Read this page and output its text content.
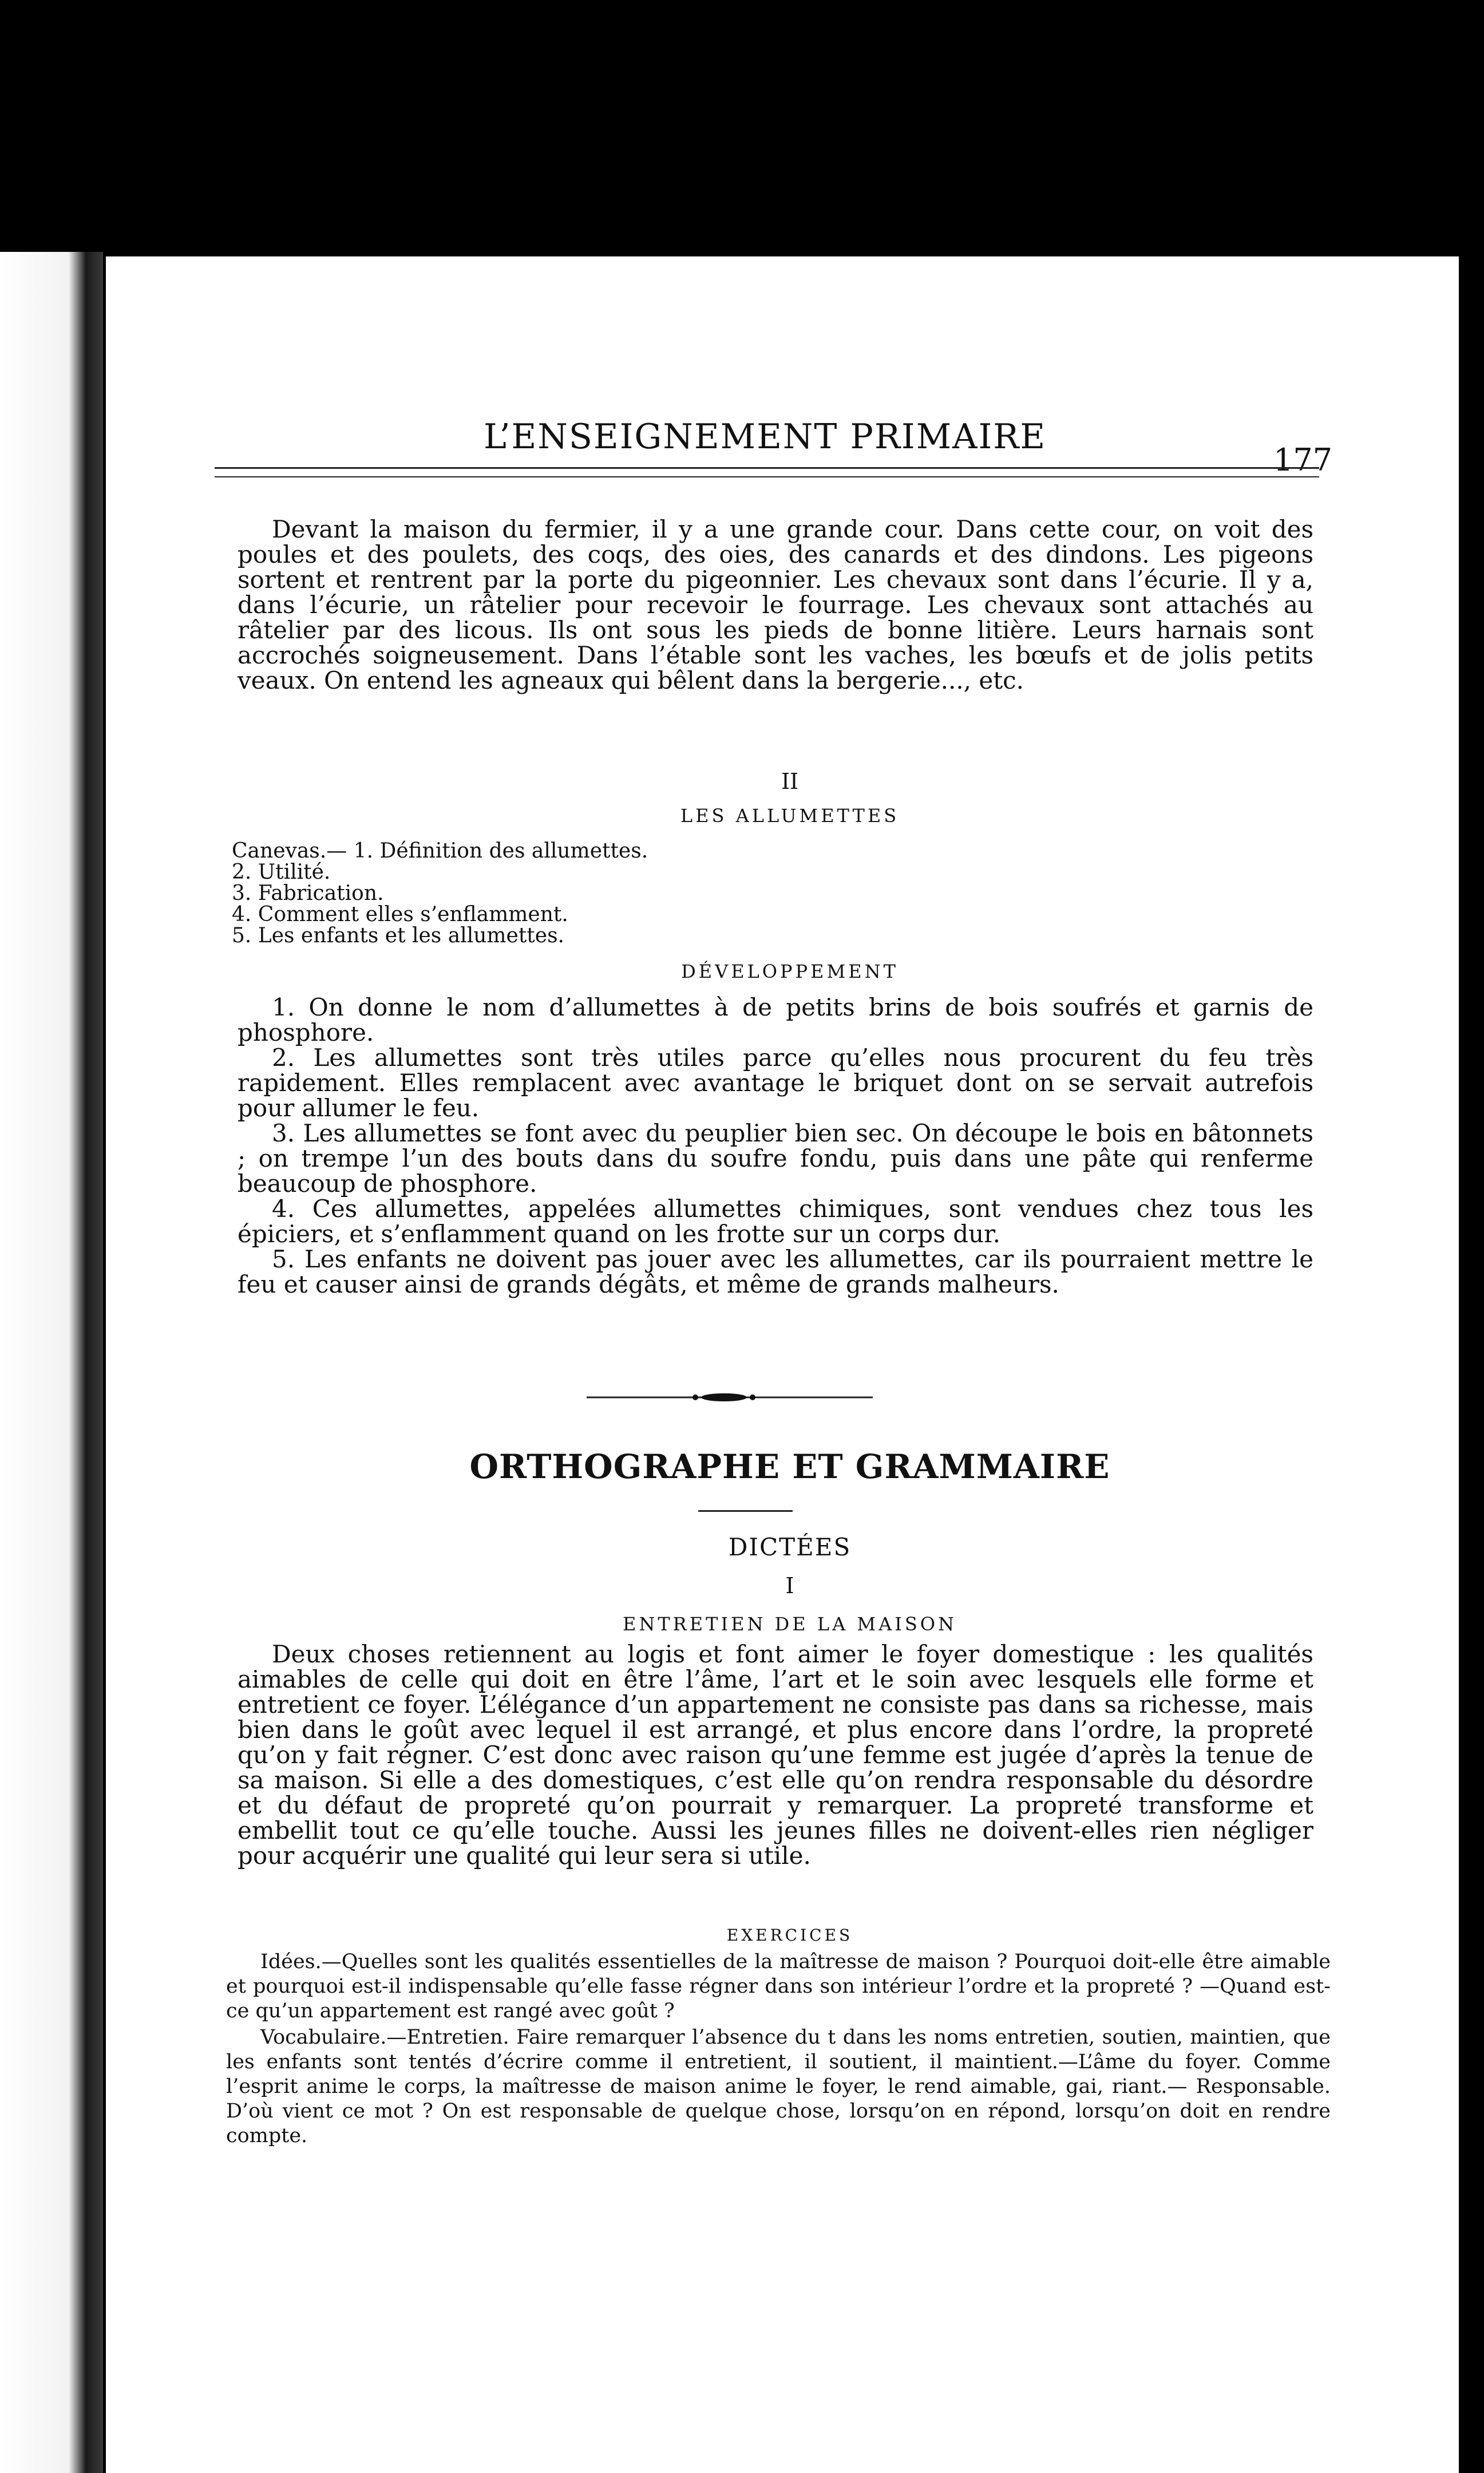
L’ENSEIGNEMENT PRIMAIRE
177
Devant la maison du fermier, il y a une grande cour. Dans cette cour, on voit des poules et des poulets, des coqs, des oies, des canards et des dindons. Les pigeons sortent et rentrent par la porte du pigeonnier. Les chevaux sont dans l’écurie. Il y a, dans l’écurie, un râtelier pour recevoir le fourrage. Les chevaux sont attachés au râtelier par des licous. Ils ont sous les pieds de bonne litière. Leurs harnais sont accrochés soigneusement. Dans l’étable sont les vaches, les bœufs et de jolis petits veaux. On entend les agneaux qui bêlent dans la bergerie..., etc.
II
LES ALLUMETTES
Canevas.— 1. Définition des allumettes.
2. Utilité.
3. Fabrication.
4. Comment elles s’enflamment.
5. Les enfants et les allumettes.
DÉVELOPPEMENT

1. On donne le nom d’allumettes à de petits brins de bois soufrés et garnis de phosphore.

2. Les allumettes sont très utiles parce qu’elles nous procurent du feu très rapidement. Elles remplacent avec avantage le briquet dont on se servait autrefois pour allumer le feu.

3. Les allumettes se font avec du peuplier bien sec. On découpe le bois en bâtonnets ; on trempe l’un des bouts dans du soufre fondu, puis dans une pâte qui renferme beaucoup de phosphore.

4. Ces allumettes, appelées allumettes chimiques, sont vendues chez tous les épiciers, et s’enflamment quand on les frotte sur un corps dur.

5. Les enfants ne doivent pas jouer avec les allumettes, car ils pourraient mettre le feu et causer ainsi de grands dégâts, et même de grands malheurs.

ORTHOGRAPHE ET GRAMMAIRE
DICTÉES
I
ENTRETIEN DE LA MAISON
Deux choses retiennent au logis et font aimer le foyer domestique : les qualités aimables de celle qui doit en être l’âme, l’art et le soin avec lesquels elle forme et entretient ce foyer. L’élégance d’un appartement ne consiste pas dans sa richesse, mais bien dans le goût avec lequel il est arrangé, et plus encore dans l’ordre, la propreté qu’on y fait régner. C’est donc avec raison qu’une femme est jugée d’après la tenue de sa maison. Si elle a des domestiques, c’est elle qu’on rendra responsable du désordre et du défaut de propreté qu’on pourrait y remarquer. La propreté transforme et embellit tout ce qu’elle touche. Aussi les jeunes filles ne doivent-elles rien négliger pour acquérir une qualité qui leur sera si utile.
EXERCICES
Idées.—Quelles sont les qualités essentielles de la maîtresse de maison ? Pourquoi doit-elle être aimable et pourquoi est-il indispensable qu’elle fasse régner dans son intérieur l’ordre et la propreté ? —Quand est-ce qu’un appartement est rangé avec goût ?
Vocabulaire.—Entretien. Faire remarquer l’absence du t dans les noms entretien, soutien, maintien, que les enfants sont tentés d’écrire comme il entretient, il soutient, il maintient.—L’âme du foyer. Comme l’esprit anime le corps, la maîtresse de maison anime le foyer, le rend aimable, gai, riant.— Responsable. D’où vient ce mot ? On est responsable de quelque chose, lorsqu’on en répond, lorsqu’on doit en rendre compte.
